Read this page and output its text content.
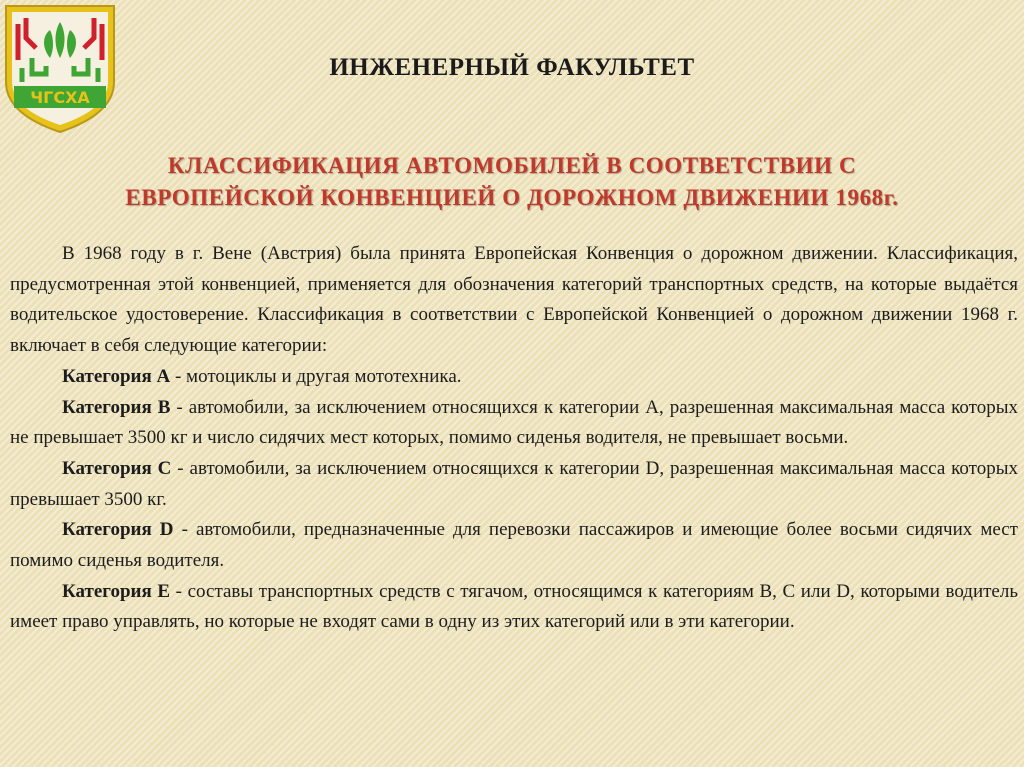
ЧГСХА
ИНЖЕНЕРНЫЙ ФАКУЛЬТЕТ
КЛАССИФИКАЦИЯ АВТОМОБИЛЕЙ В СООТВЕТСТВИИ С
ЕВРОПЕЙСКОЙ КОНВЕНЦИЕЙ О ДОРОЖНОМ ДВИЖЕНИИ 1968г.

В 1968 году в г. Вене (Австрия) была принята Европейская Конвенция о дорожном движении. Классификация, предусмотренная этой конвенцией, применяется для обозначения категорий транспортных средств, на которые выдаётся водительское удостоверение. Классификация в соответствии с Европейской Конвенцией о дорожном движении 1968 г. включает в себя следующие категории:

Категория А - мотоциклы и другая мототехника.

Категория В - автомобили, за исключением относящихся к категории A, разрешенная максимальная масса которых не превышает 3500 кг и число сидячих мест которых, помимо сиденья водителя, не превышает восьми.

Категория С - автомобили, за исключением относящихся к категории D, разрешенная максимальная масса которых превышает 3500 кг.

Категория D - автомобили, предназначенные для перевозки пассажиров и имеющие более восьми сидячих мест помимо сиденья водителя.

Категория Е - составы транспортных средств с тягачом, относящимся к категориям B, C или D, которыми водитель имеет право управлять, но которые не входят сами в одну из этих категорий или в эти категории.
